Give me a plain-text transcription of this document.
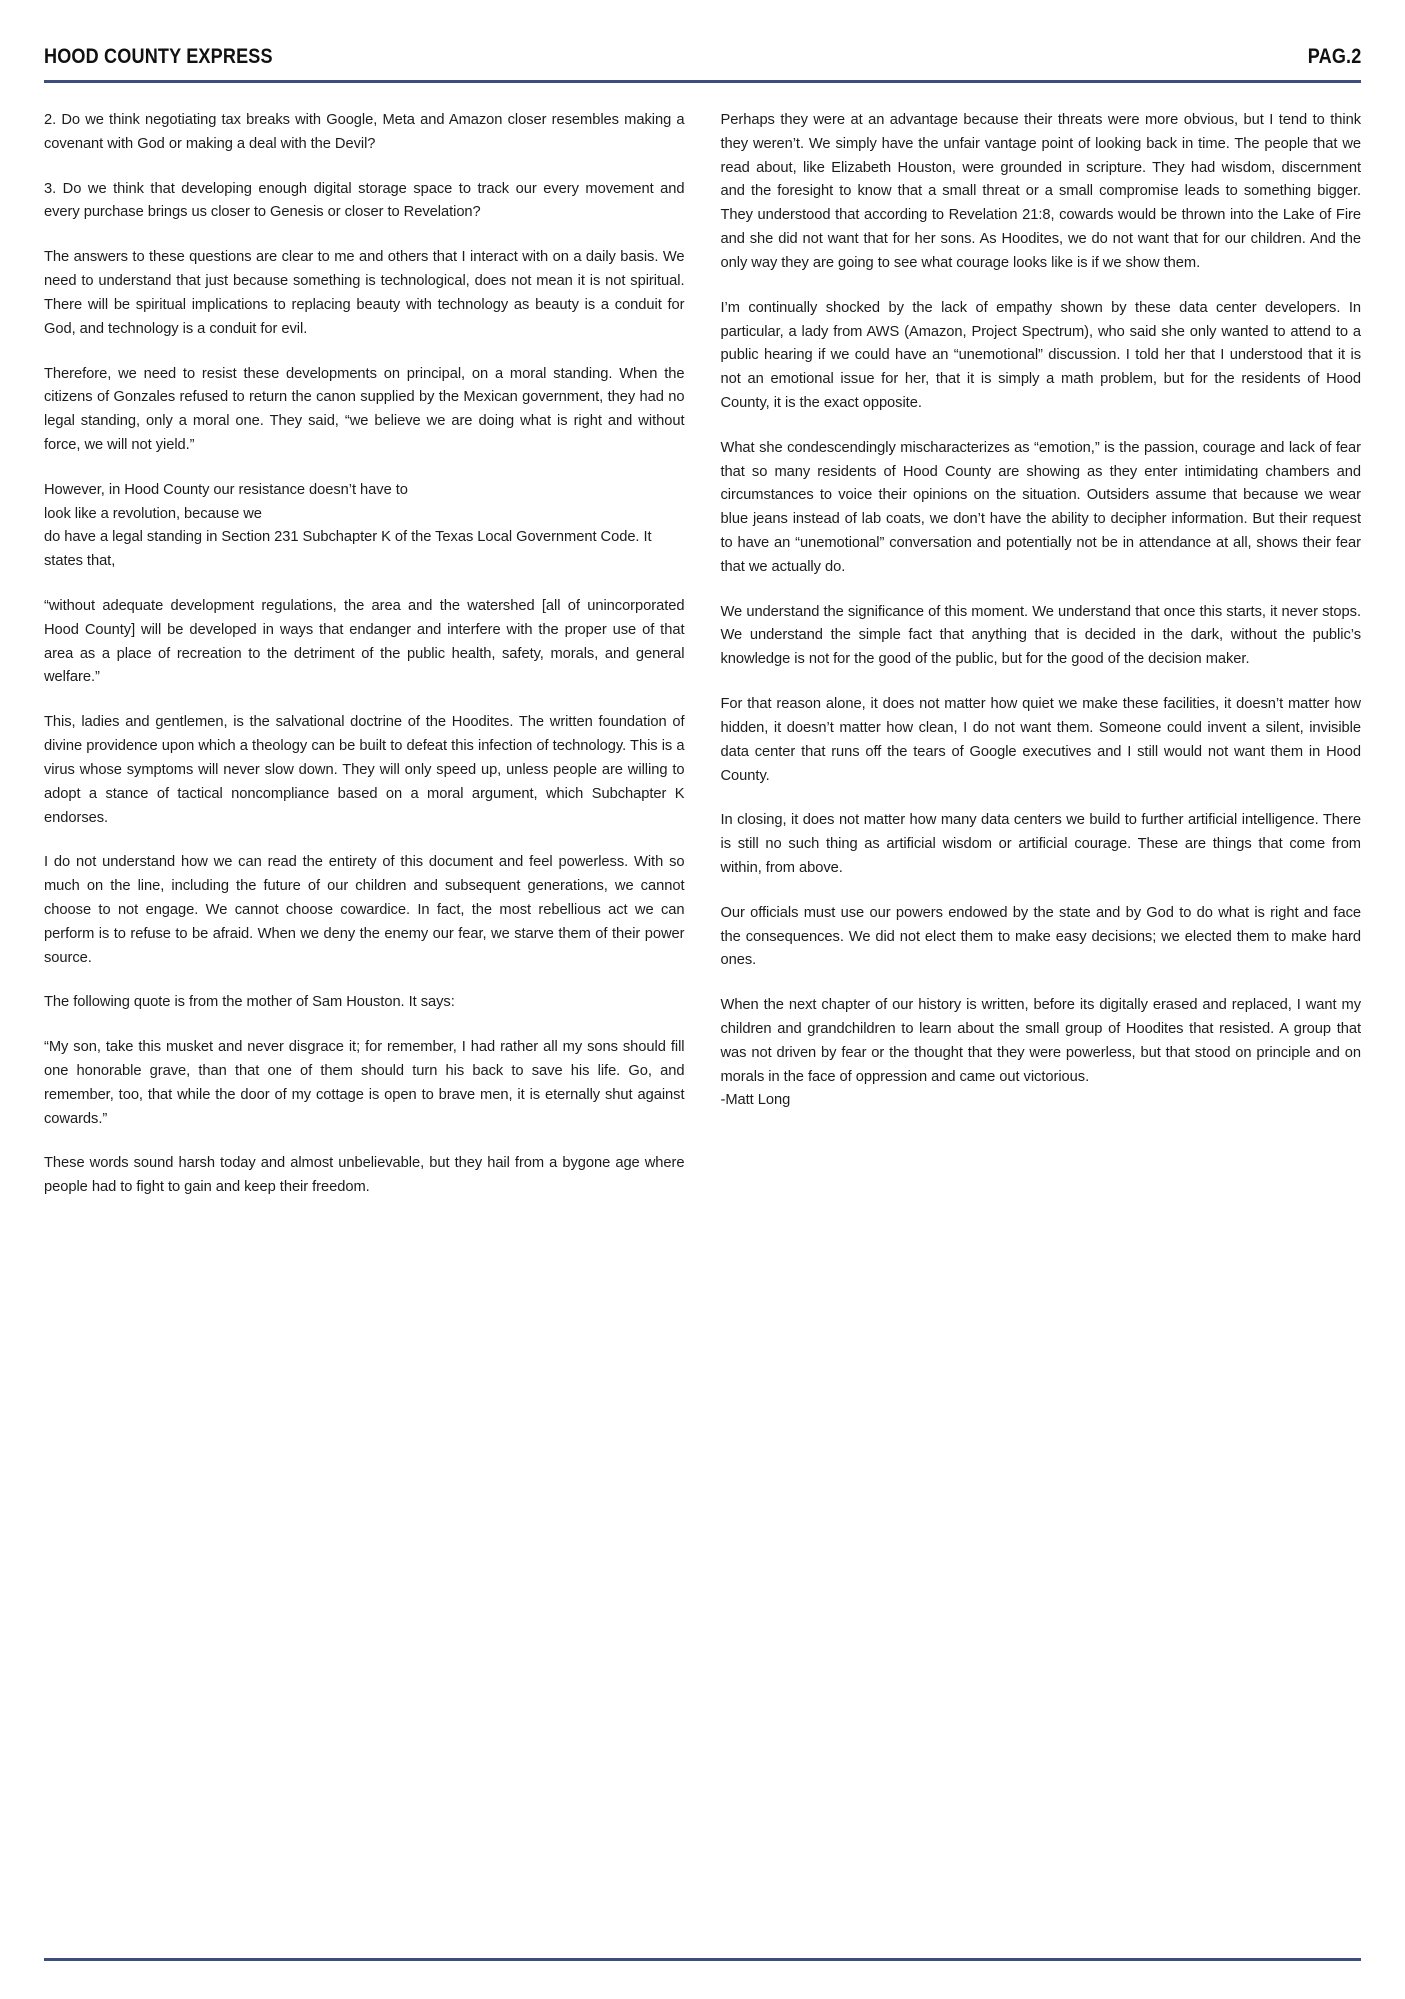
HOOD COUNTY EXPRESS	PAG.2

2. Do we think negotiating tax breaks with Google, Meta and Amazon closer resembles making a covenant with God or making a deal with the Devil?

3. Do we think that developing enough digital storage space to track our every movement and every purchase brings us closer to Genesis or closer to Revelation?

The answers to these questions are clear to me and others that I interact with on a daily basis. We need to understand that just because something is technological, does not mean it is not spiritual. There will be spiritual implications to replacing beauty with technology as beauty is a conduit for God, and technology is a conduit for evil.

Therefore, we need to resist these developments on principal, on a moral standing. When the citizens of Gonzales refused to return the canon supplied by the Mexican government, they had no legal standing, only a moral one. They said, “we believe we are doing what is right and without force, we will not yield.”

However, in Hood County our resistance doesn’t have to
look like a revolution, because we
do have a legal standing in Section 231 Subchapter K of the Texas Local Government Code. It states that,

“without adequate development regulations, the area and the watershed [all of unincorporated Hood County] will be developed in ways that endanger and interfere with the proper use of that area as a place of recreation to the detriment of the public health, safety, morals, and general welfare.”

This, ladies and gentlemen, is the salvational doctrine of the Hoodites. The written foundation of divine providence upon which a theology can be built to defeat this infection of technology. This is a virus whose symptoms will never slow down. They will only speed up, unless people are willing to adopt a stance of tactical noncompliance based on a moral argument, which Subchapter K endorses.

I do not understand how we can read the entirety of this document and feel powerless. With so much on the line, including the future of our children and subsequent generations, we cannot choose to not engage. We cannot choose cowardice. In fact, the most rebellious act we can perform is to refuse to be afraid. When we deny the enemy our fear, we starve them of their power source.

The following quote is from the mother of Sam Houston. It says:

“My son, take this musket and never disgrace it; for remember, I had rather all my sons should fill one honorable grave, than that one of them should turn his back to save his life. Go, and remember, too, that while the door of my cottage is open to brave men, it is eternally shut against cowards.”

These words sound harsh today and almost unbelievable, but they hail from a bygone age where people had to fight to gain and keep their freedom.

Perhaps they were at an advantage because their threats were more obvious, but I tend to think they weren’t. We simply have the unfair vantage point of looking back in time. The people that we read about, like Elizabeth Houston, were grounded in scripture. They had wisdom, discernment and the foresight to know that a small threat or a small compromise leads to something bigger. They understood that according to Revelation 21:8, cowards would be thrown into the Lake of Fire and she did not want that for her sons. As Hoodites, we do not want that for our children. And the only way they are going to see what courage looks like is if we show them.

I’m continually shocked by the lack of empathy shown by these data center developers. In particular, a lady from AWS (Amazon, Project Spectrum), who said she only wanted to attend to a public hearing if we could have an “unemotional” discussion. I told her that I understood that it is not an emotional issue for her, that it is simply a math problem, but for the residents of Hood County, it is the exact opposite.

What she condescendingly mischaracterizes as “emotion,” is the passion, courage and lack of fear that so many residents of Hood County are showing as they enter intimidating chambers and circumstances to voice their opinions on the situation. Outsiders assume that because we wear blue jeans instead of lab coats, we don’t have the ability to decipher information. But their request to have an “unemotional” conversation and potentially not be in attendance at all, shows their fear that we actually do.

We understand the significance of this moment. We understand that once this starts, it never stops. We understand the simple fact that anything that is decided in the dark, without the public’s knowledge is not for the good of the public, but for the good of the decision maker.

For that reason alone, it does not matter how quiet we make these facilities, it doesn’t matter how hidden, it doesn’t matter how clean, I do not want them. Someone could invent a silent, invisible data center that runs off the tears of Google executives and I still would not want them in Hood County.

In closing, it does not matter how many data centers we build to further artificial intelligence. There is still no such thing as artificial wisdom or artificial courage. These are things that come from within, from above.

Our officials must use our powers endowed by the state and by God to do what is right and face the consequences. We did not elect them to make easy decisions; we elected them to make hard ones.

When the next chapter of our history is written, before its digitally erased and replaced, I want my children and grandchildren to learn about the small group of Hoodites that resisted. A group that was not driven by fear or the thought that they were powerless, but that stood on principle and on morals in the face of oppression and came out victorious.
-Matt Long
